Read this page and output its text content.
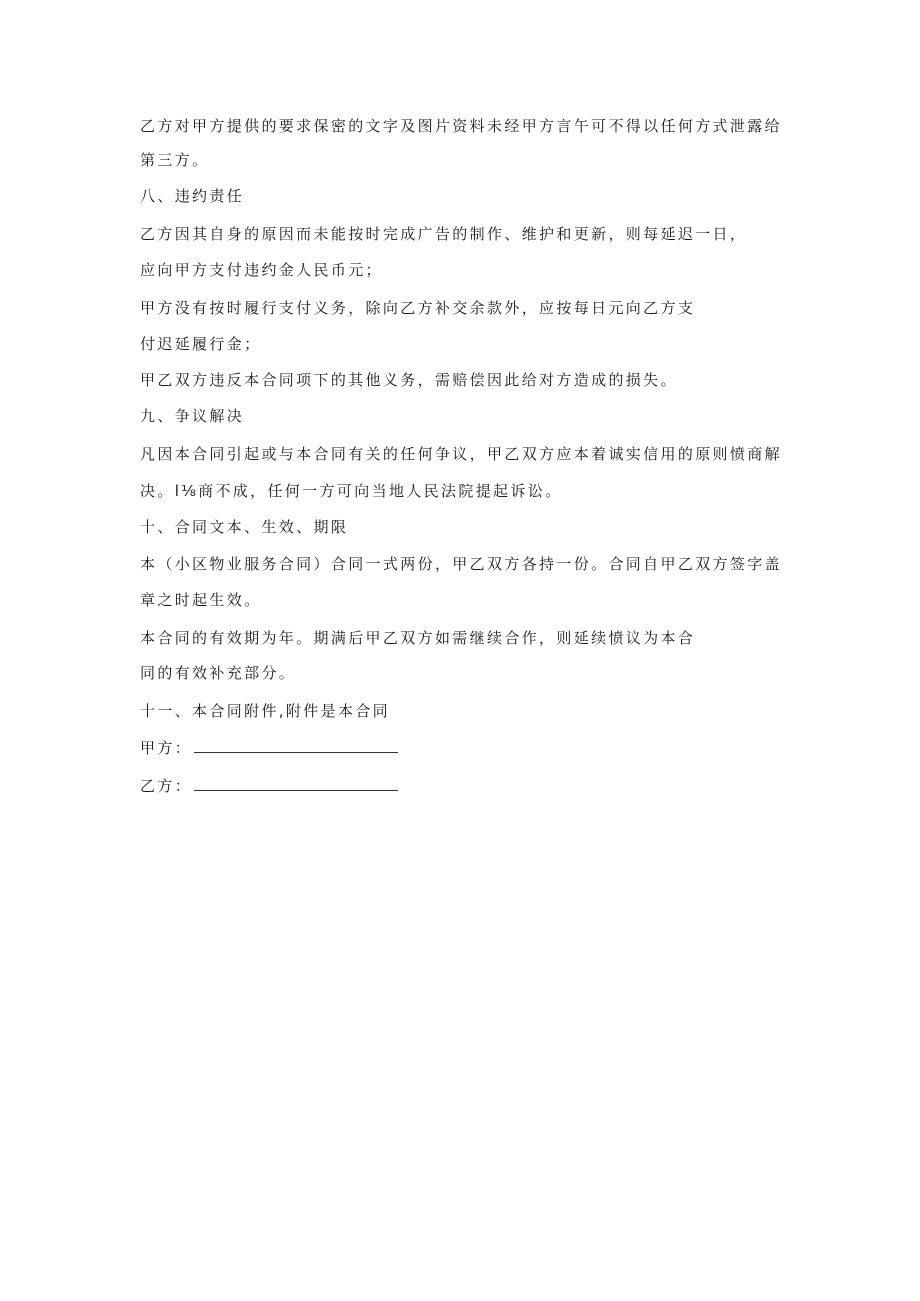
乙方对甲方提供的要求保密的文字及图片资料未经甲方言午可不得以任何方式泄露给
第三方。
八、违约责任
乙方因其自身的原因而未能按时完成广告的制作、维护和更新，则每延迟一日，
应向甲方支付违约金人民币元；
甲方没有按时履行支付义务，除向乙方补交余款外，应按每日元向乙方支
付迟延履行金；
甲乙双方违反本合同项下的其他义务，需赔偿因此给对方造成的损失。
九、争议解决
凡因本合同引起或与本合同有关的任何争议，甲乙双方应本着诚实信用的原则愤商解
决。l⅛商不成，任何一方可向当地人民法院提起诉讼。
十、合同文本、生效、期限
本（小区物业服务合同）合同一式两份，甲乙双方各持一份。合同自甲乙双方签字盖
章之时起生效。
本合同的有效期为年。期满后甲乙双方如需继续合作，则延续愤议为本合
同的有效补充部分。
十一、本合同附件,附件是本合同
甲方：
乙方：
